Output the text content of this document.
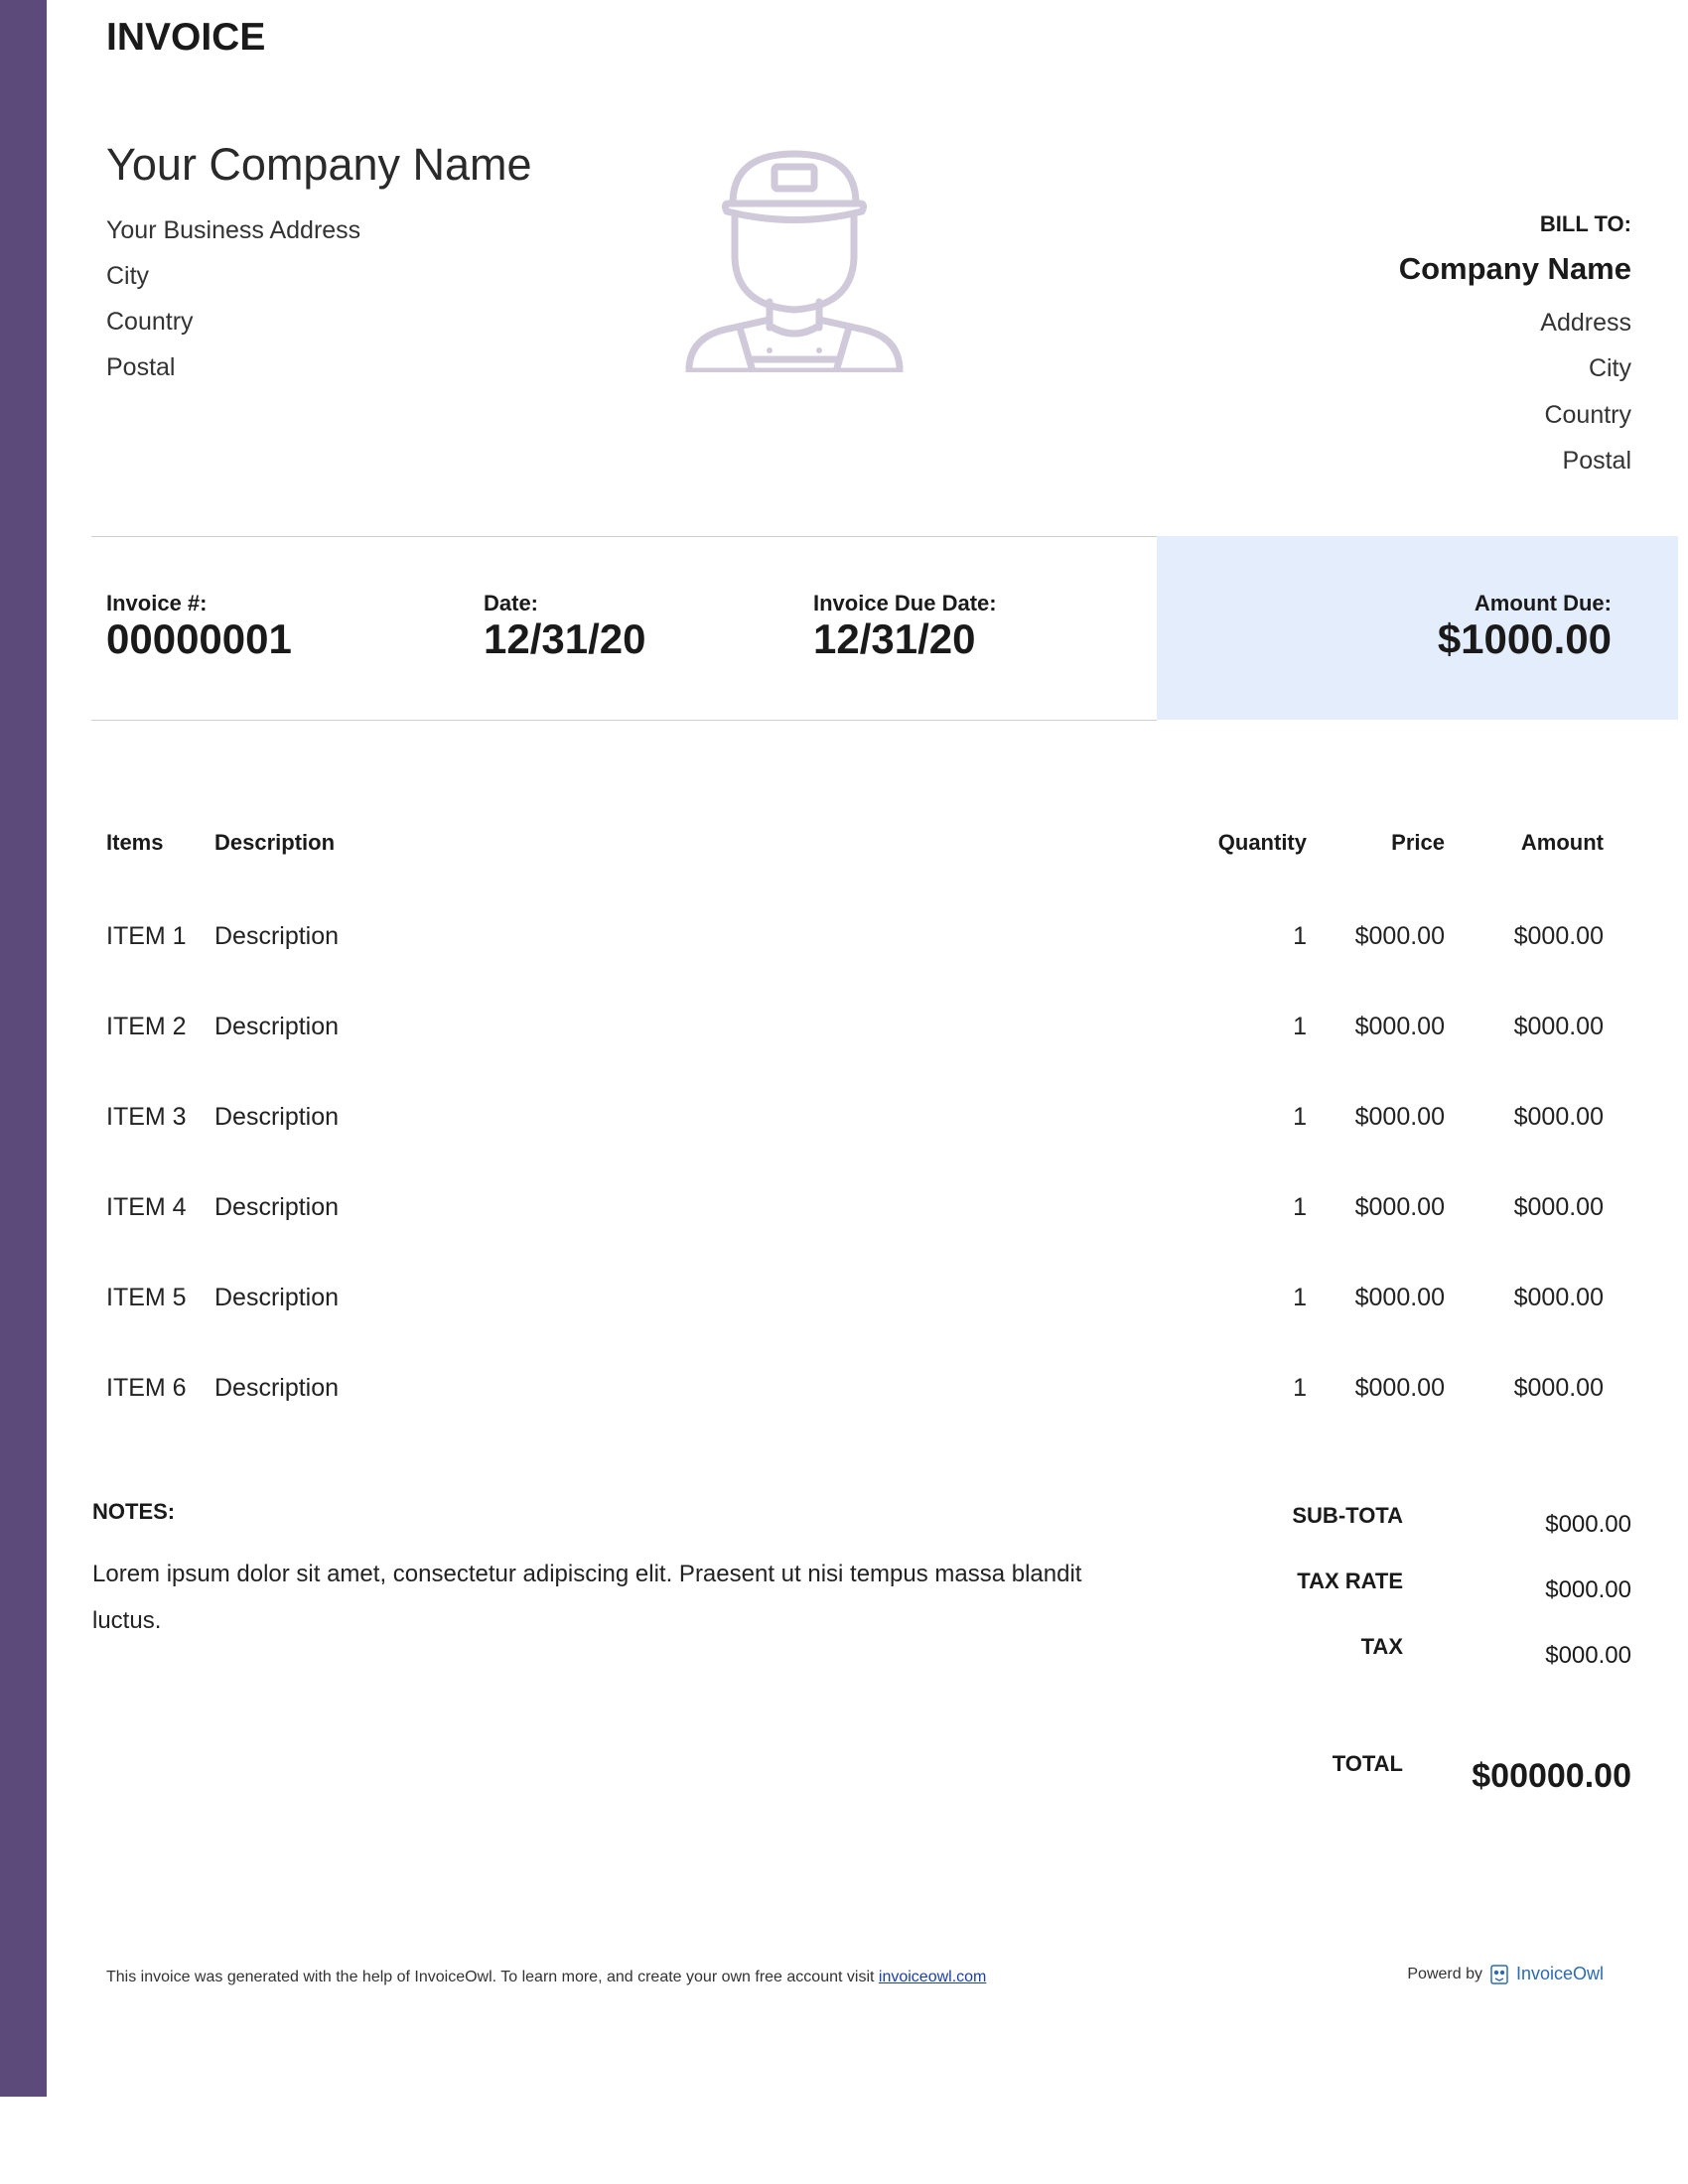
INVOICE
Your Company Name
Your Business Address
City
Country
Postal
BILL TO:
Company Name
Address
City
Country
Postal
Invoice #:
00000001
Date:
12/31/20
Invoice Due Date:
12/31/20
Amount Due:
$1000.00
Items Description	Quantity	Price	Amount
ITEM 1 Description	1 $000.00	$000.00
ITEM 2 Description	1 $000.00	$000.00
ITEM 3 Description	1 $000.00	$000.00
ITEM 4 Description	1 $000.00	$000.00
ITEM 5 Description	1 $000.00	$000.00
ITEM 6 Description	1 $000.00	$000.00
NOTES:
Lorem ipsum dolor sit amet, consectetur adipiscing elit. Praesent ut nisi tempus massa blandit luctus.
SUB-TOTA	$000.00
TAX RATE	$000.00
TAX	$000.00
TOTAL $00000.00
This invoice was generated with the help of InvoiceOwl. To learn more, and create your own free account visit invoiceowl.com	Powerd by InvoiceOwl
